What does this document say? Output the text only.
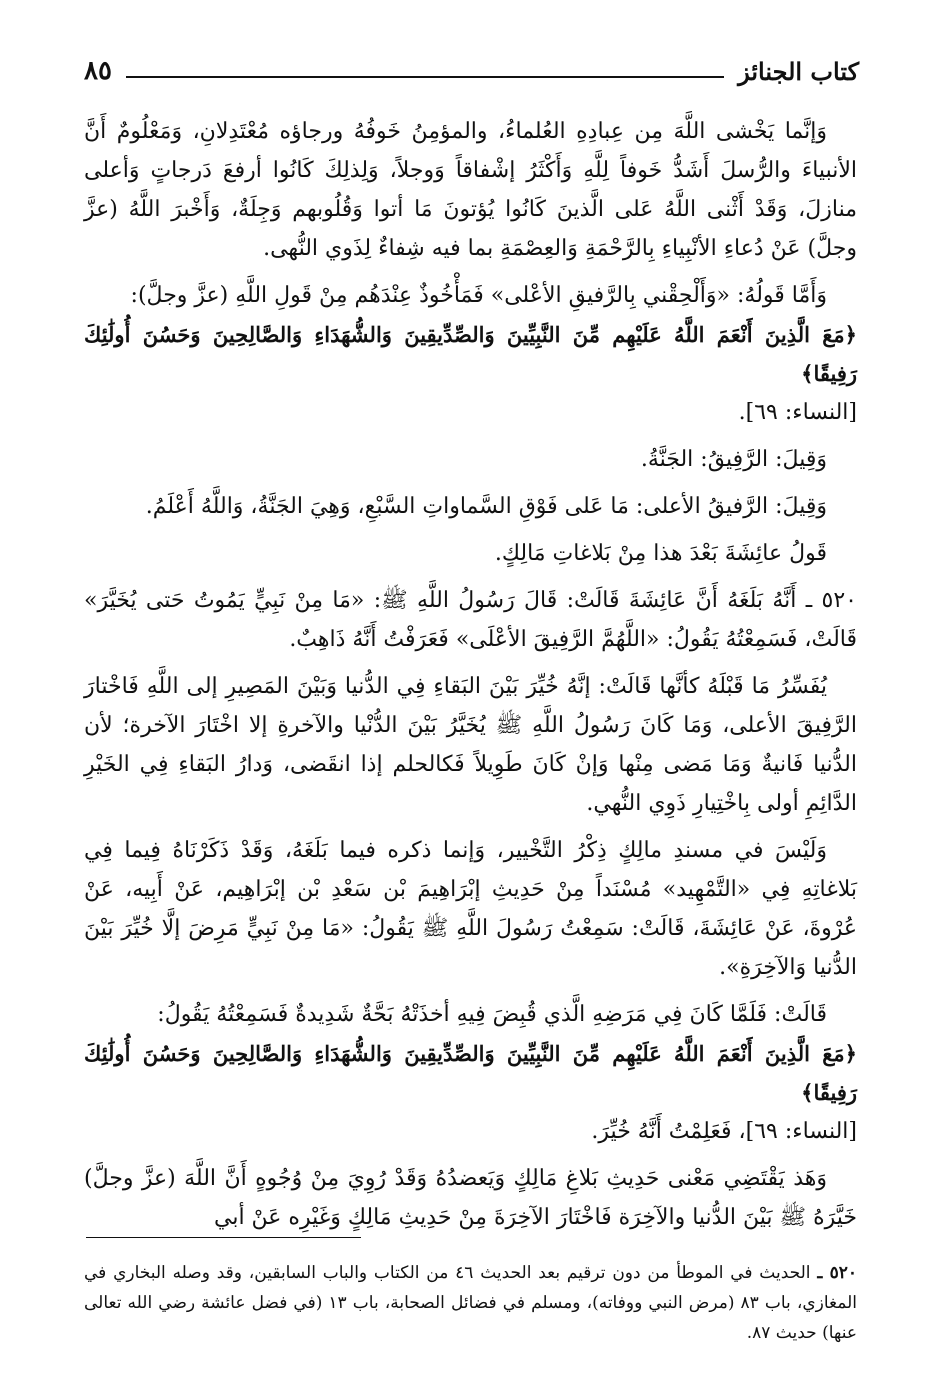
كتاب الجنائز
٨٥

وَإنَّما يَخْشى اللَّهَ مِن عِبادِهِ العُلماءُ، والمؤمِنُ خَوفُهُ ورجاؤه مُعْتَدِلانِ، وَمَعْلُومٌ أَنَّ الأنبياءَ والرُّسلَ أَشَدُّ خَوفاً لِلَّهِ وَأَكْثَرُ إشْفاقاً وَوجلاً، وَلِذلِكَ كَانُوا أرفعَ دَرجاتٍ وَأعلى منازلَ، وَقَدْ أَثْنى اللَّهُ عَلى الَّذينَ كَانُوا يُؤتونَ مَا أتوا وَقُلُوبهم وَجِلَةٌ، وَأَخْبرَ اللَّهُ (عزَّ وجلَّ) عَنْ دُعاءِ الأنْبِياءِ بِالرَّحْمَةِ وَالعِصْمَةِ بما فيه شِفاءٌ لِذَوي النُّهى.

وَأَمَّا قَولُهُ: «وَأَلْحِقْني بِالرَّفيقِ الأعْلى» فَمَأْخُوذٌ عِنْدَهُم مِنْ قَولِ اللَّهِ (عزَّ وجلَّ):
﴿مَعَ الَّذِينَ أَنْعَمَ اللَّهُ عَلَيْهِم مِّنَ النَّبِيِّينَ وَالصِّدِّيقِينَ وَالشُّهَدَاءِ وَالصَّالِحِينَ وَحَسُنَ أُولَٰئِكَ رَفِيقًا﴾
[النساء: ٦٩].

وَقِيلَ: الرَّفِيقُ: الجَنَّةُ.

وَقِيلَ: الرَّفيقُ الأعلى: مَا عَلى فَوْقِ السَّماواتِ السَّبْعِ، وَهِيَ الجَنَّةُ، وَاللَّهُ أَعْلَمُ.

قَولُ عائِشَةَ بَعْدَ هذا مِنْ بَلاغاتِ مَالِكٍ.

٥٢٠ ـ أَنَّهُ بَلَغَهُ أَنَّ عَائِشَةَ قَالَتْ: قَالَ رَسُولُ اللَّهِ ﷺ: «مَا مِنْ نَبِيٍّ يَمُوتُ حَتى يُخَيَّرَ» قَالَتْ، فَسَمِعْتُهُ يَقُولُ: «اللَّهُمَّ الرَّفِيقَ الأعْلَى» فَعَرَفْتُ أَنَّهُ ذَاهِبٌ.

يُفَسِّرُ مَا قَبْلَهُ كأنَّها قَالَتْ: إنَّهُ خُيِّرَ بَيْنَ البَقاءِ فِي الدُّنيا وَبَيْنَ المَصِيرِ إلى اللَّهِ فَاخْتارَ الرَّفِيقَ الأعلى، وَمَا كَانَ رَسُولُ اللَّهِ ﷺ يُخَيَّرُ بَيْنَ الدُّنْيا والآخرةِ إلا اخْتَارَ الآخرة؛ لأن الدُّنيا فَانيةٌ وَمَا مَضى مِنْها وَإنْ كَانَ طَوِيلاً فَكالحلم إذا انقَضى، وَدارُ البَقاءِ فِي الخَيْرِ الدَّائِمِ أولى بِاخْتِيارِ ذَوِي النُّهي.

وَلَيْسَ في مسندِ مالِكٍ ذِكْرُ التَّخْيير، وَإنما ذكره فيما بَلَغَهُ، وَقَدْ ذَكَرْنَاهُ فِيما فِي بَلاغاتِهِ فِي «التَّمْهِيد» مُسْنَداً مِنْ حَدِيثِ إبْرَاهِيمَ بْن سَعْدِ بْن إبْرَاهِيم، عَنْ أَبِيه، عَنْ عُرْوةَ، عَنْ عَائِشَةَ، قَالَتْ: سَمِعْتُ رَسُولَ اللَّهِ ﷺ يَقُولُ: «مَا مِنْ نَبِيٍّ مَرِضَ إلَّا خُيِّرَ بَيْنَ الدُّنيا وَالآخِرَةِ».

قَالَتْ: فَلَمَّا كَانَ فِي مَرَضِهِ الَّذي قُبِضَ فِيهِ أخذَتْهُ بَحَّةٌ شَدِيدةٌ فَسَمِعْتُهُ يَقُولُ:
﴿مَعَ الَّذِينَ أَنْعَمَ اللَّهُ عَلَيْهِم مِّنَ النَّبِيِّينَ وَالصِّدِّيقِينَ وَالشُّهَدَاءِ وَالصَّالِحِينَ وَحَسُنَ أُولَٰئِكَ رَفِيقًا﴾
[النساء: ٦٩]، فَعَلِمْتُ أَنَّهُ خُيِّرَ.

وَهَذ يَقْتَضِي مَعْنى حَدِيثِ بَلاغِ مَالِكٍ وَيَعضدُهُ وَقَدْ رُوِيَ مِنْ وُجُوهٍ أَنَّ اللَّهَ (عزَّ وجلَّ) خَيَّرَهُ ﷺ بَيْنَ الدُّنيا والآخِرَة فَاخْتَارَ الآخِرَةَ مِنْ حَدِيثِ مَالِكٍ وَغَيْرِه عَنْ أبي

٥٢٠ ـ الحديث في الموطأ من دون ترقيم بعد الحديث ٤٦ من الكتاب والباب السابقين، وقد وصله البخاري في المغازي، باب ٨٣ (مرض النبي ووفاته)، ومسلم في فضائل الصحابة، باب ١٣ (في فضل عائشة رضي الله تعالى عنها) حديث ٨٧.
